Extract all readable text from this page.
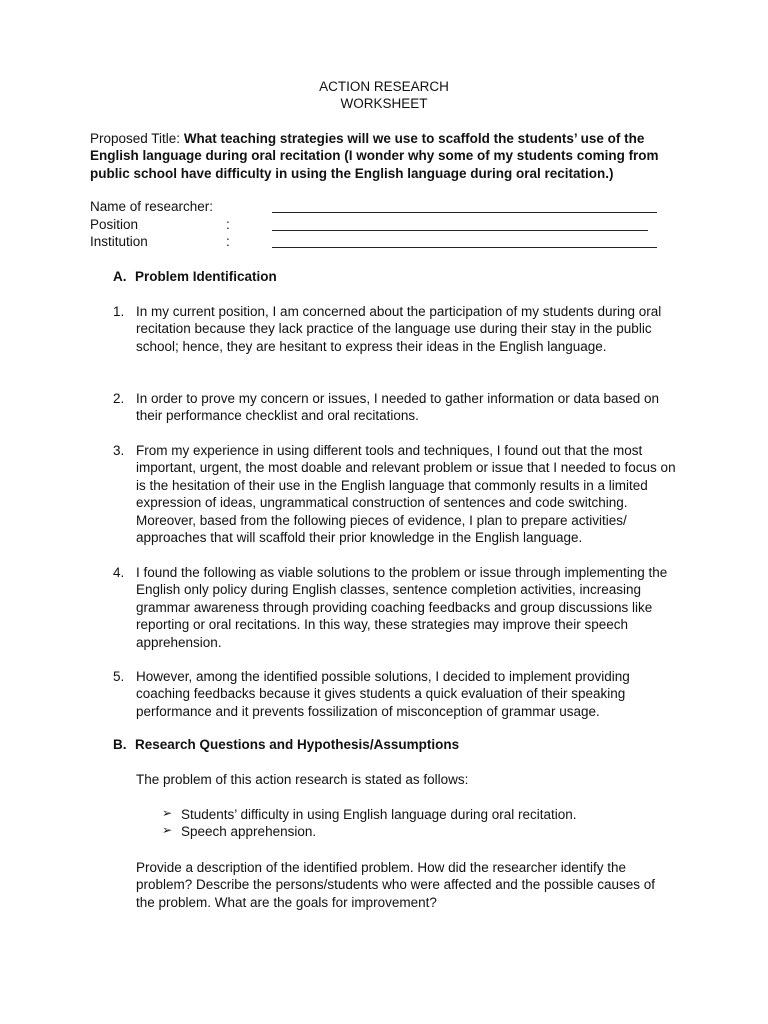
ACTION RESEARCH
WORKSHEET
Proposed Title: What teaching strategies will we use to scaffold the students’ use of the English language during oral recitation (I wonder why some of my students coming from public school have difficulty in using the English language during oral recitation.)
Name of researcher:
Position	:
Institution	:
A. Problem Identification
1. In my current position, I am concerned about the participation of my students during oral recitation because they lack practice of the language use during their stay in the public school; hence, they are hesitant to express their ideas in the English language.
2. In order to prove my concern or issues, I needed to gather information or data based on their performance checklist and oral recitations.
3. From my experience in using different tools and techniques, I found out that the most important, urgent, the most doable and relevant problem or issue that I needed to focus on is the hesitation of their use in the English language that commonly results in a limited expression of ideas, ungrammatical construction of sentences and code switching. Moreover, based from the following pieces of evidence, I plan to prepare activities/ approaches that will scaffold their prior knowledge in the English language.
4. I found the following as viable solutions to the problem or issue through implementing the English only policy during English classes, sentence completion activities, increasing grammar awareness through providing coaching feedbacks and group discussions like reporting or oral recitations. In this way, these strategies may improve their speech apprehension.
5. However, among the identified possible solutions, I decided to implement providing coaching feedbacks because it gives students a quick evaluation of their speaking performance and it prevents fossilization of misconception of grammar usage.
B. Research Questions and Hypothesis/Assumptions
The problem of this action research is stated as follows:
➢ Students’ difficulty in using English language during oral recitation.
➢ Speech apprehension.
Provide a description of the identified problem. How did the researcher identify the problem? Describe the persons/students who were affected and the possible causes of the problem. What are the goals for improvement?
